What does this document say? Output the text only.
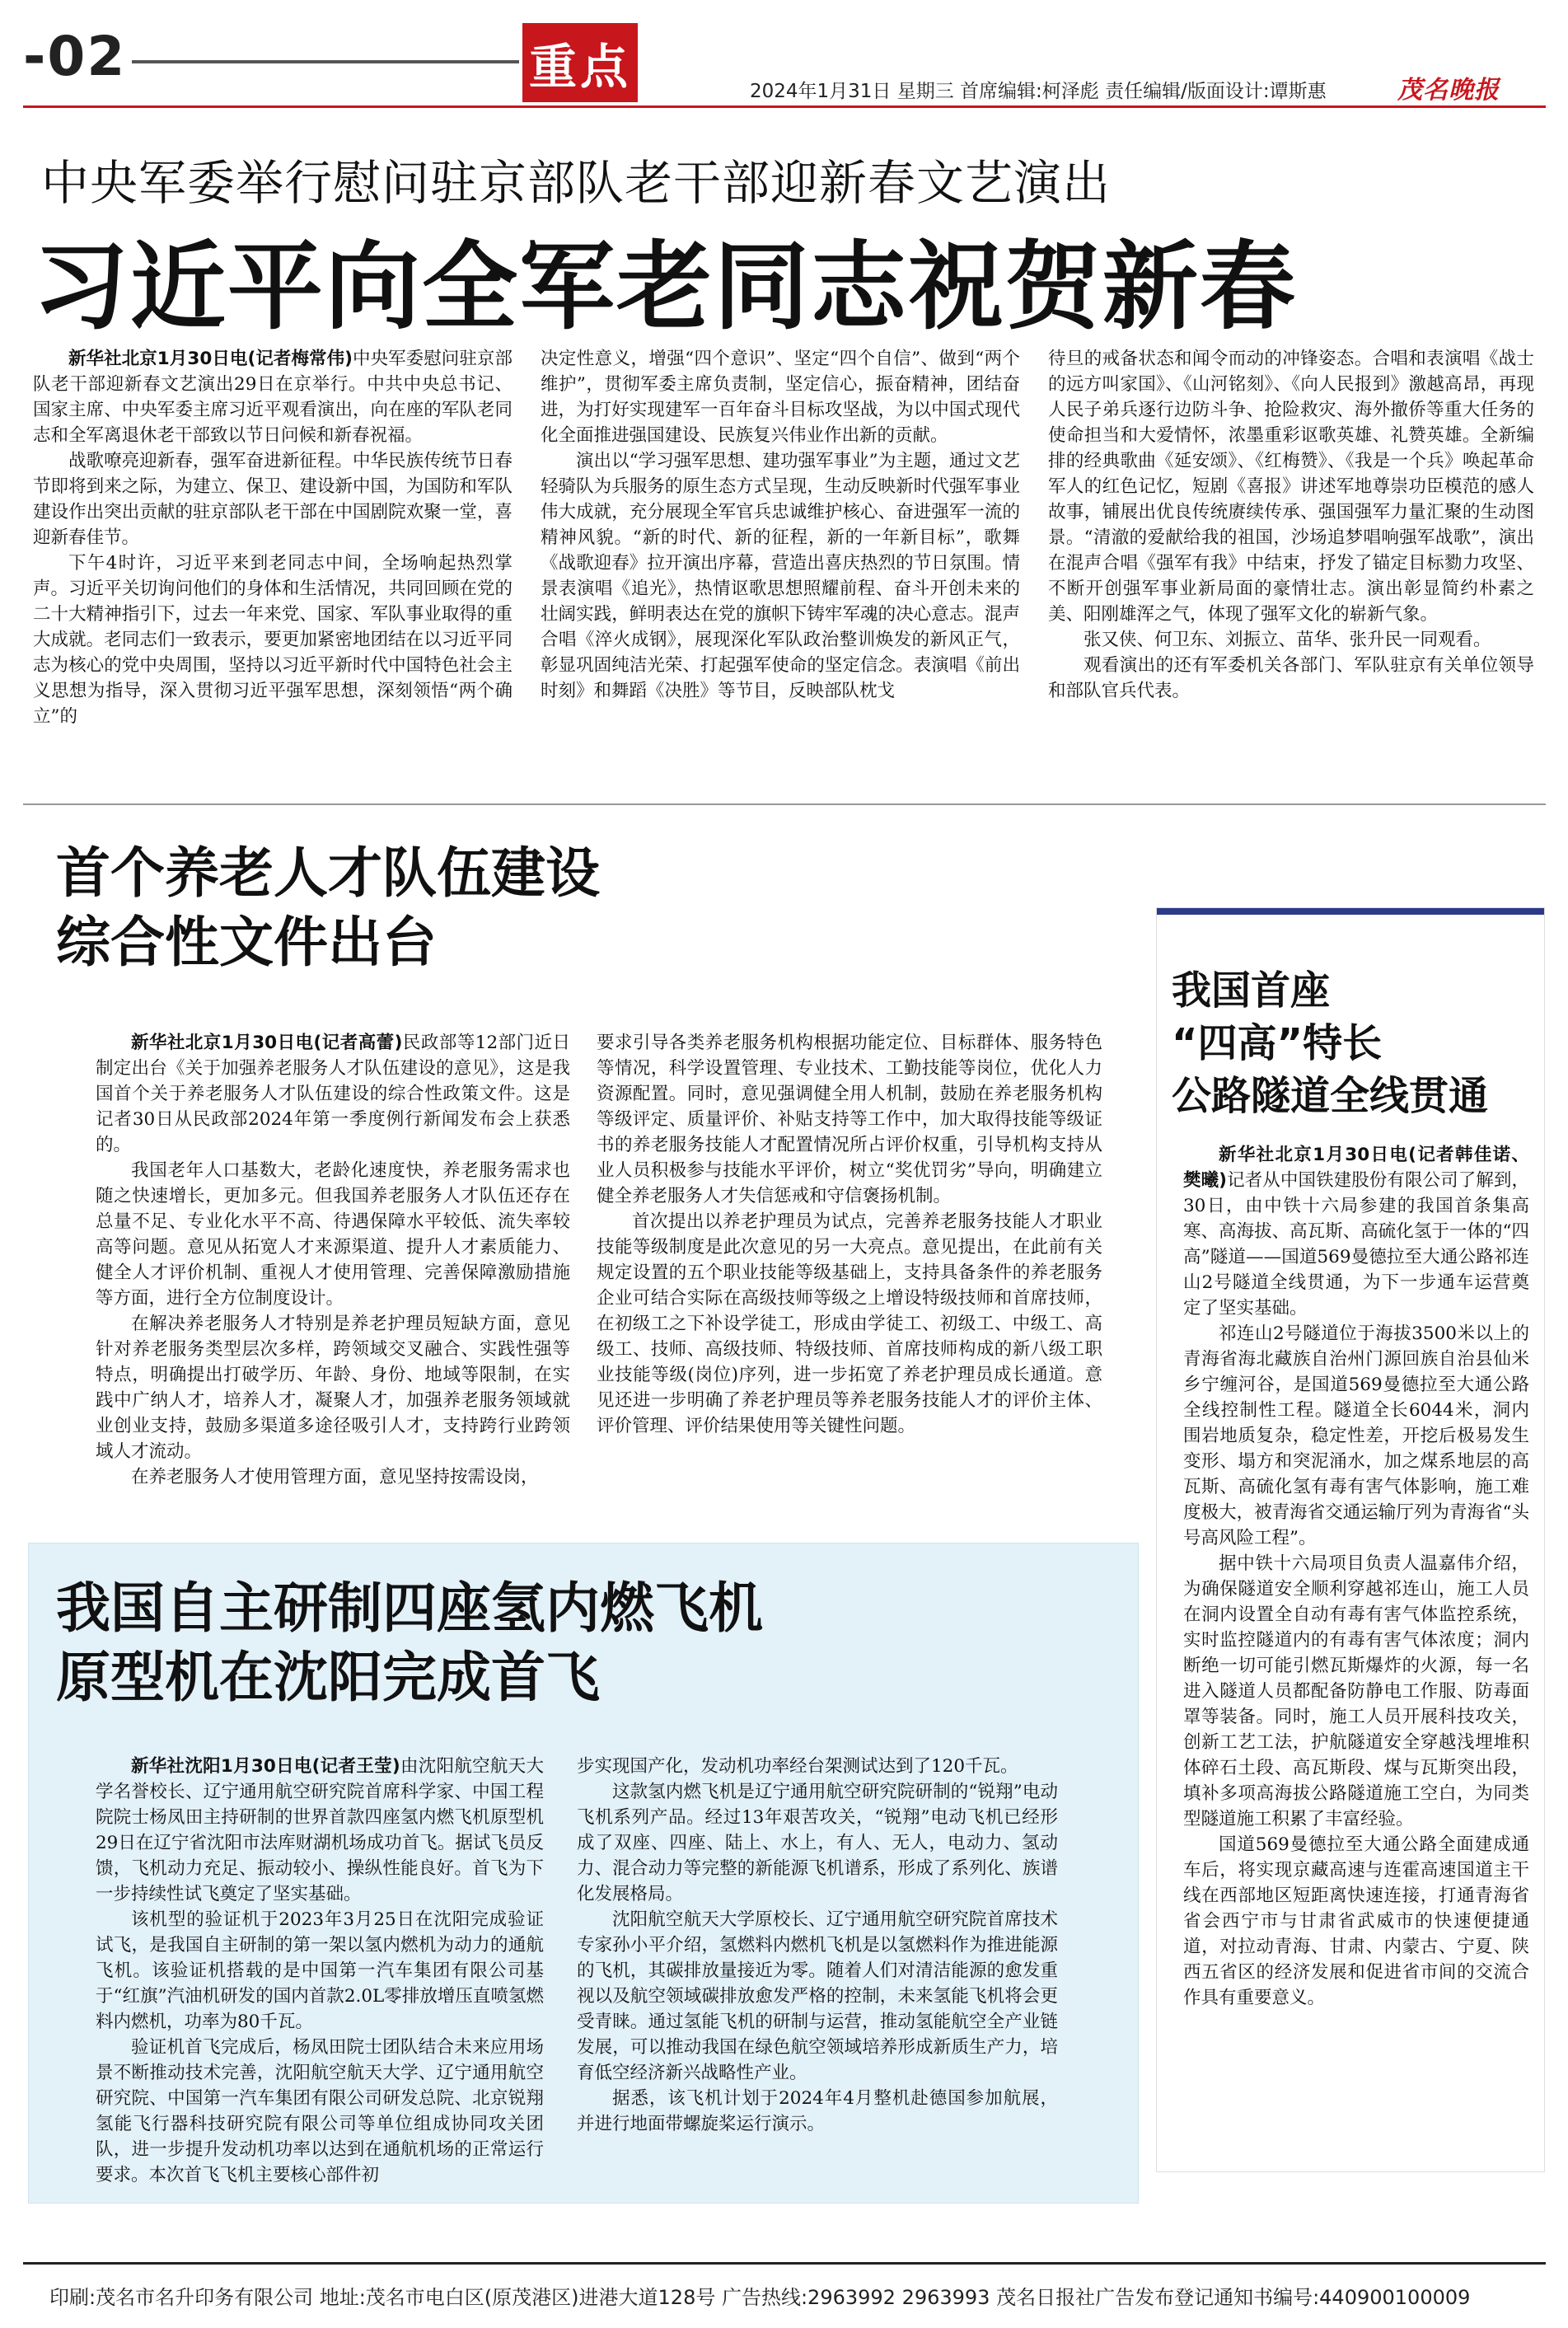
-02	重点	2024年1月31日 星期三 首席编辑:柯泽彪 责任编辑/版面设计:谭斯惠	茂名晚报
中央军委举行慰问驻京部队老干部迎新春文艺演出
习近平向全军老同志祝贺新春

新华社北京1月30日电(记者梅常伟)中央军委慰问驻京部队老干部迎新春文艺演出29日在京举行。中共中央总书记、国家主席、中央军委主席习近平观看演出，向在座的军队老同志和全军离退休老干部致以节日问候和新春祝福。

战歌嘹亮迎新春，强军奋进新征程。中华民族传统节日春节即将到来之际，为建立、保卫、建设新中国，为国防和军队建设作出突出贡献的驻京部队老干部在中国剧院欢聚一堂，喜迎新春佳节。

下午4时许，习近平来到老同志中间，全场响起热烈掌声。习近平关切询问他们的身体和生活情况，共同回顾在党的二十大精神指引下，过去一年来党、国家、军队事业取得的重大成就。老同志们一致表示，要更加紧密地团结在以习近平同志为核心的党中央周围，坚持以习近平新时代中国特色社会主义思想为指导，深入贯彻习近平强军思想，深刻领悟“两个确立”的

决定性意义，增强“四个意识”、坚定“四个自信”、做到“两个维护”，贯彻军委主席负责制，坚定信心，振奋精神，团结奋进，为打好实现建军一百年奋斗目标攻坚战，为以中国式现代化全面推进强国建设、民族复兴伟业作出新的贡献。

演出以“学习强军思想、建功强军事业”为主题，通过文艺轻骑队为兵服务的原生态方式呈现，生动反映新时代强军事业伟大成就，充分展现全军官兵忠诚维护核心、奋进强军一流的精神风貌。“新的时代、新的征程，新的一年新目标”，歌舞《战歌迎春》拉开演出序幕，营造出喜庆热烈的节日氛围。情景表演唱《追光》，热情讴歌思想照耀前程、奋斗开创未来的壮阔实践，鲜明表达在党的旗帜下铸牢军魂的决心意志。混声合唱《淬火成钢》，展现深化军队政治整训焕发的新风正气，彰显巩固纯洁光荣、打起强军使命的坚定信念。表演唱《前出时刻》和舞蹈《决胜》等节目，反映部队枕戈

待旦的戒备状态和闻令而动的冲锋姿态。合唱和表演唱《战士的远方叫家国》、《山河铭刻》、《向人民报到》激越高昂，再现人民子弟兵逐行边防斗争、抢险救灾、海外撤侨等重大任务的使命担当和大爱情怀，浓墨重彩讴歌英雄、礼赞英雄。全新编排的经典歌曲《延安颂》、《红梅赞》、《我是一个兵》唤起革命军人的红色记忆，短剧《喜报》讲述军地尊崇功臣模范的感人故事，铺展出优良传统赓续传承、强国强军力量汇聚的生动图景。“清澈的爱献给我的祖国，沙场追梦唱响强军战歌”，演出在混声合唱《强军有我》中结束，抒发了锚定目标勠力攻坚、不断开创强军事业新局面的豪情壮志。演出彰显简约朴素之美、阳刚雄浑之气，体现了强军文化的崭新气象。

张又侠、何卫东、刘振立、苗华、张升民一同观看。

观看演出的还有军委机关各部门、军队驻京有关单位领导和部队官兵代表。

首个养老人才队伍建设
综合性文件出台

新华社北京1月30日电(记者高蕾)民政部等12部门近日制定出台《关于加强养老服务人才队伍建设的意见》，这是我国首个关于养老服务人才队伍建设的综合性政策文件。这是记者30日从民政部2024年第一季度例行新闻发布会上获悉的。

我国老年人口基数大，老龄化速度快，养老服务需求也随之快速增长，更加多元。但我国养老服务人才队伍还存在总量不足、专业化水平不高、待遇保障水平较低、流失率较高等问题。意见从拓宽人才来源渠道、提升人才素质能力、健全人才评价机制、重视人才使用管理、完善保障激励措施等方面，进行全方位制度设计。

在解决养老服务人才特别是养老护理员短缺方面，意见针对养老服务类型层次多样，跨领域交叉融合、实践性强等特点，明确提出打破学历、年龄、身份、地域等限制，在实践中广纳人才，培养人才，凝聚人才，加强养老服务领域就业创业支持，鼓励多渠道多途径吸引人才，支持跨行业跨领域人才流动。

在养老服务人才使用管理方面，意见坚持按需设岗，

要求引导各类养老服务机构根据功能定位、目标群体、服务特色等情况，科学设置管理、专业技术、工勤技能等岗位，优化人力资源配置。同时，意见强调健全用人机制，鼓励在养老服务机构等级评定、质量评价、补贴支持等工作中，加大取得技能等级证书的养老服务技能人才配置情况所占评价权重，引导机构支持从业人员积极参与技能水平评价，树立“奖优罚劣”导向，明确建立健全养老服务人才失信惩戒和守信褒扬机制。

首次提出以养老护理员为试点，完善养老服务技能人才职业技能等级制度是此次意见的另一大亮点。意见提出，在此前有关规定设置的五个职业技能等级基础上，支持具备条件的养老服务企业可结合实际在高级技师等级之上增设特级技师和首席技师，在初级工之下补设学徒工，形成由学徒工、初级工、中级工、高级工、技师、高级技师、特级技师、首席技师构成的新八级工职业技能等级(岗位)序列，进一步拓宽了养老护理员成长通道。意见还进一步明确了养老护理员等养老服务技能人才的评价主体、评价管理、评价结果使用等关键性问题。

我国自主研制四座氢内燃飞机
原型机在沈阳完成首飞

新华社沈阳1月30日电(记者王莹)由沈阳航空航天大学名誉校长、辽宁通用航空研究院首席科学家、中国工程院院士杨凤田主持研制的世界首款四座氢内燃飞机原型机29日在辽宁省沈阳市法库财湖机场成功首飞。据试飞员反馈，飞机动力充足、振动较小、操纵性能良好。首飞为下一步持续性试飞奠定了坚实基础。

该机型的验证机于2023年3月25日在沈阳完成验证试飞，是我国自主研制的第一架以氢内燃机为动力的通航飞机。该验证机搭载的是中国第一汽车集团有限公司基于“红旗”汽油机研发的国内首款2.0L零排放增压直喷氢燃料内燃机，功率为80千瓦。

验证机首飞完成后，杨凤田院士团队结合未来应用场景不断推动技术完善，沈阳航空航天大学、辽宁通用航空研究院、中国第一汽车集团有限公司研发总院、北京锐翔氢能飞行器科技研究院有限公司等单位组成协同攻关团队，进一步提升发动机功率以达到在通航机场的正常运行要求。本次首飞飞机主要核心部件初

步实现国产化，发动机功率经台架测试达到了120千瓦。

这款氢内燃飞机是辽宁通用航空研究院研制的“锐翔”电动飞机系列产品。经过13年艰苦攻关，“锐翔”电动飞机已经形成了双座、四座、陆上、水上，有人、无人，电动力、氢动力、混合动力等完整的新能源飞机谱系，形成了系列化、族谱化发展格局。

沈阳航空航天大学原校长、辽宁通用航空研究院首席技术专家孙小平介绍，氢燃料内燃机飞机是以氢燃料作为推进能源的飞机，其碳排放量接近为零。随着人们对清洁能源的愈发重视以及航空领域碳排放愈发严格的控制，未来氢能飞机将会更受青睐。通过氢能飞机的研制与运营，推动氢能航空全产业链发展，可以推动我国在绿色航空领域培养形成新质生产力，培育低空经济新兴战略性产业。

据悉，该飞机计划于2024年4月整机赴德国参加航展，并进行地面带螺旋桨运行演示。

我国首座
“四高”特长
公路隧道全线贯通

新华社北京1月30日电(记者韩佳诺、樊曦)记者从中国铁建股份有限公司了解到，30日，由中铁十六局参建的我国首条集高寒、高海拔、高瓦斯、高硫化氢于一体的“四高”隧道——国道569曼德拉至大通公路祁连山2号隧道全线贯通，为下一步通车运营奠定了坚实基础。

祁连山2号隧道位于海拔3500米以上的青海省海北藏族自治州门源回族自治县仙米乡宁缠河谷，是国道569曼德拉至大通公路全线控制性工程。隧道全长6044米，洞内围岩地质复杂，稳定性差，开挖后极易发生变形、塌方和突泥涌水，加之煤系地层的高瓦斯、高硫化氢有毒有害气体影响，施工难度极大，被青海省交通运输厅列为青海省“头号高风险工程”。

据中铁十六局项目负责人温嘉伟介绍，为确保隧道安全顺利穿越祁连山，施工人员在洞内设置全自动有毒有害气体监控系统，实时监控隧道内的有毒有害气体浓度；洞内断绝一切可能引燃瓦斯爆炸的火源，每一名进入隧道人员都配备防静电工作服、防毒面罩等装备。同时，施工人员开展科技攻关，创新工艺工法，护航隧道安全穿越浅埋堆积体碎石土段、高瓦斯段、煤与瓦斯突出段，填补多项高海拔公路隧道施工空白，为同类型隧道施工积累了丰富经验。

国道569曼德拉至大通公路全面建成通车后，将实现京藏高速与连霍高速国道主干线在西部地区短距离快速连接，打通青海省省会西宁市与甘肃省武威市的快速便捷通道，对拉动青海、甘肃、内蒙古、宁夏、陕西五省区的经济发展和促进省市间的交流合作具有重要意义。

印刷:茂名市名升印务有限公司 地址:茂名市电白区(原茂港区)进港大道128号 广告热线:2963992 2963993 茂名日报社广告发布登记通知书编号:440900100009
